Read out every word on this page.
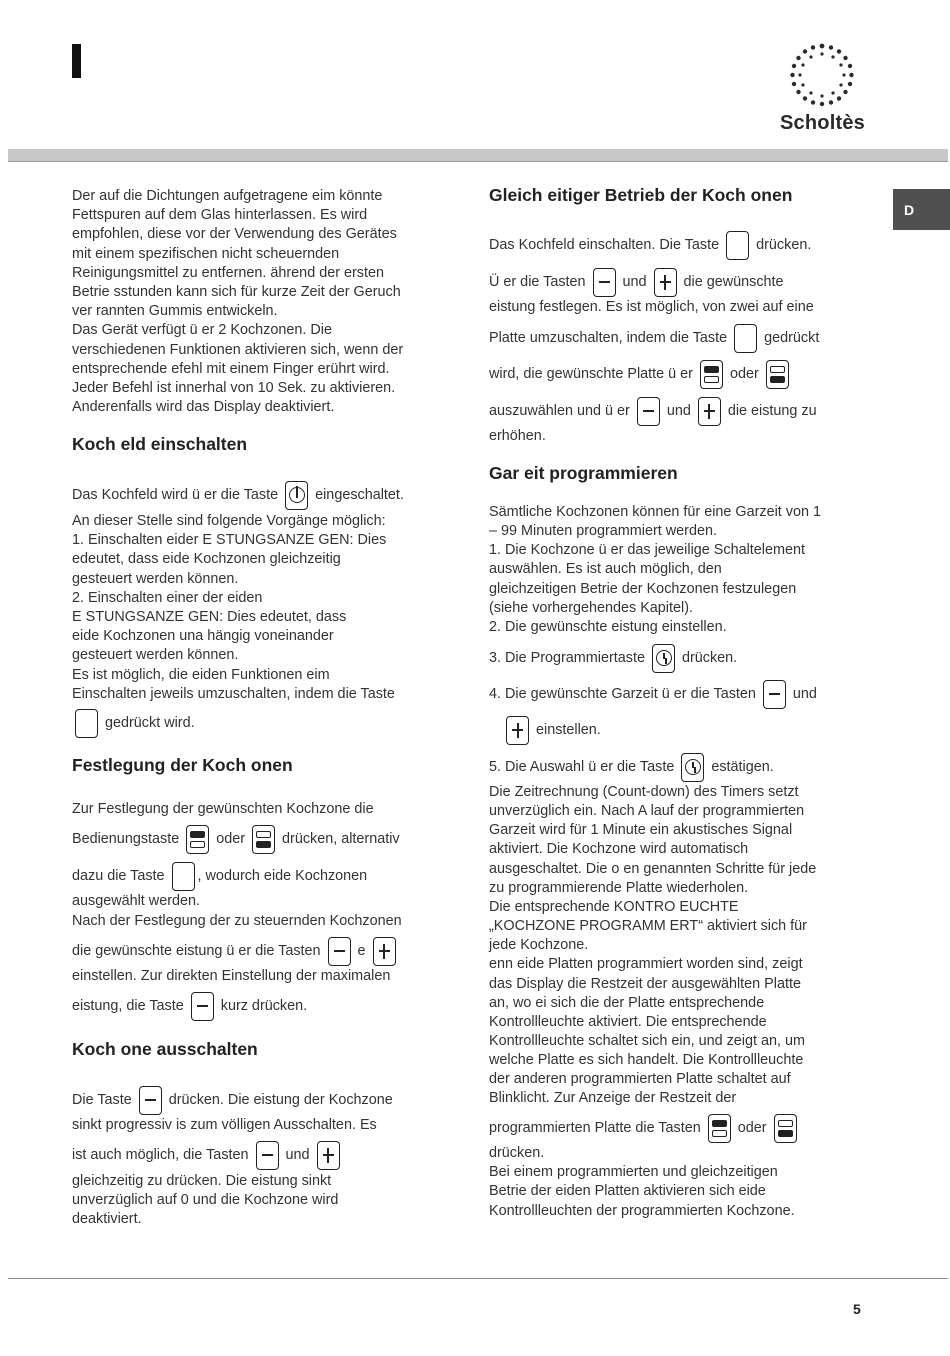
Scholtès
D
Der auf die Dichtungen aufgetragene eim könnte
Fettspuren auf dem Glas hinterlassen. Es wird
empfohlen, diese vor der Verwendung des Gerätes
mit einem spezifischen nicht scheuernden
Reinigungsmittel zu entfernen. ährend der ersten
Betrie sstunden kann sich für kurze Zeit der Geruch
ver rannten Gummis entwickeln.
Das Gerät verfügt ü er 2 Kochzonen. Die
verschiedenen Funktionen aktivieren sich, wenn der
entsprechende efehl mit einem Finger erührt wird.
Jeder Befehl ist innerhal von 10 Sek. zu aktivieren.
Anderenfalls wird das Display deaktiviert.
Koch eld einschalten
Das Kochfeld wird ü er die Taste	eingeschaltet.
An dieser Stelle sind folgende Vorgänge möglich:
1. Einschalten eider E STUNGSANZE GEN: Dies
edeutet, dass eide Kochzonen gleichzeitig
gesteuert werden können.
2. Einschalten einer der eiden
E STUNGSANZE GEN: Dies edeutet, dass
eide Kochzonen una hängig voneinander
gesteuert werden können.
Es ist möglich, die eiden Funktionen eim
Einschalten jeweils umzuschalten, indem die Taste
gedrückt wird.
Festlegung der Koch onen
Zur Festlegung der gewünschten Kochzone die
Bedienungstaste	oder	drücken, alternativ
dazu die Taste , wodurch eide Kochzonen
ausgewählt werden.
Nach der Festlegung der zu steuernden Kochzonen
die gewünschte eistung ü er die Tasten	e
einstellen. Zur direkten Einstellung der maximalen
eistung, die Taste	kurz drücken.
Koch one ausschalten
Die Taste	drücken. Die eistung der Kochzone
sinkt progressiv is zum völligen Ausschalten. Es
ist auch möglich, die Tasten	und
gleichzeitig zu drücken. Die eistung sinkt
unverzüglich auf 0 und die Kochzone wird
deaktiviert.
Gleich eitiger Betrieb der Koch onen
Das Kochfeld einschalten. Die Taste	drücken.
Ü er die Tasten	und	die gewünschte
eistung festlegen. Es ist möglich, von zwei auf eine
Platte umzuschalten, indem die Taste	gedrückt
wird, die gewünschte Platte ü er	oder
auszuwählen und ü er	und	die eistung zu
erhöhen.
Gar eit programmieren
Sämtliche Kochzonen können für eine Garzeit von 1
– 99 Minuten programmiert werden.
1. Die Kochzone ü er das jeweilige Schaltelement
auswählen. Es ist auch möglich, den
gleichzeitigen Betrie der Kochzonen festzulegen
(siehe vorhergehendes Kapitel).
2. Die gewünschte eistung einstellen.
3. Die Programmiertaste	drücken.
4. Die gewünschte Garzeit ü er die Tasten	und
einstellen.
5. Die Auswahl ü er die Taste	estätigen.
Die Zeitrechnung (Count-down) des Timers setzt
unverzüglich ein. Nach A lauf der programmierten
Garzeit wird für 1 Minute ein akustisches Signal
aktiviert. Die Kochzone wird automatisch
ausgeschaltet. Die o en genannten Schritte für jede
zu programmierende Platte wiederholen.
Die entsprechende KONTRO EUCHTE
„KOCHZONE PROGRAMM ERT“ aktiviert sich für
jede Kochzone.
enn eide Platten programmiert worden sind, zeigt
das Display die Restzeit der ausgewählten Platte
an, wo ei sich die der Platte entsprechende
Kontrollleuchte aktiviert. Die entsprechende
Kontrollleuchte schaltet sich ein, und zeigt an, um
welche Platte es sich handelt. Die Kontrollleuchte
der anderen programmierten Platte schaltet auf
Blinklicht. Zur Anzeige der Restzeit der
programmierten Platte die Tasten	oder
drücken.
Bei einem programmierten und gleichzeitigen
Betrie der eiden Platten aktivieren sich eide
Kontrollleuchten der programmierten Kochzone.
5
